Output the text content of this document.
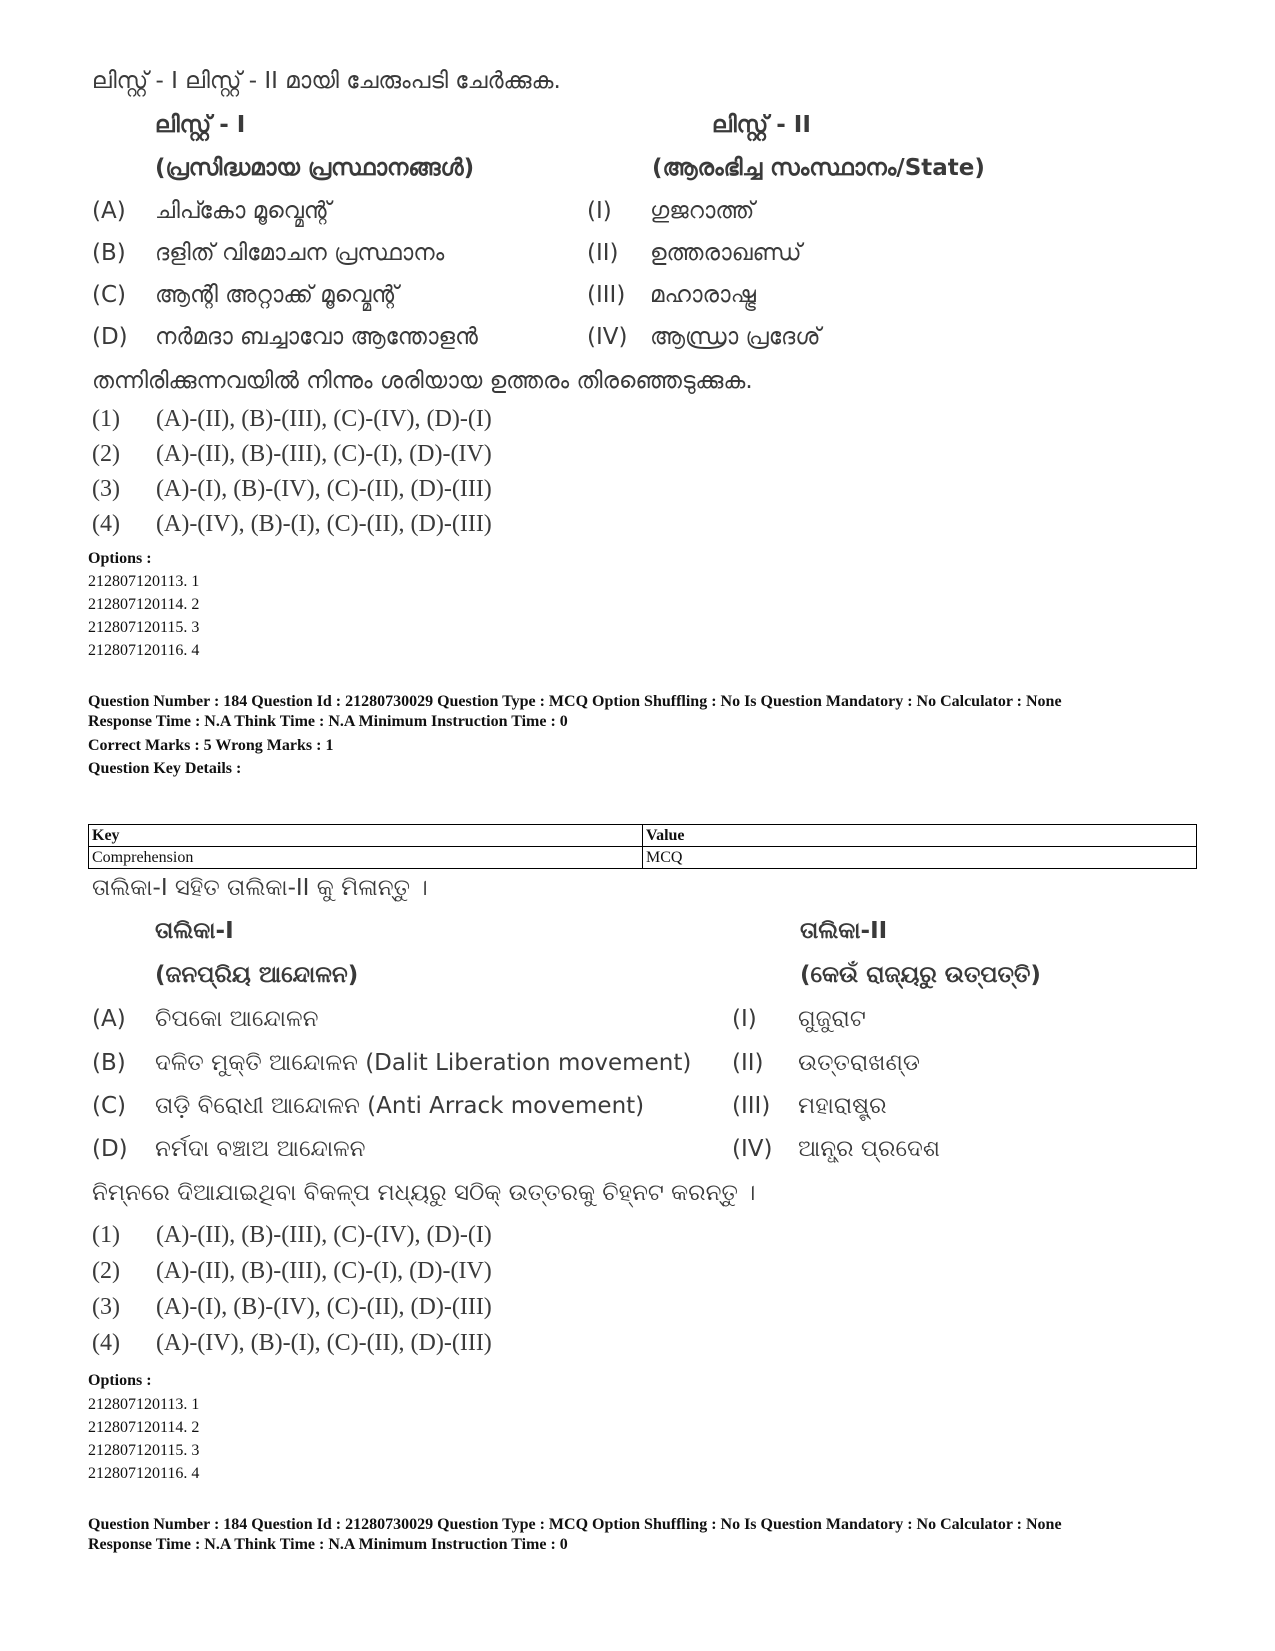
ലിസ്റ്റ് - I ലിസ്റ്റ് - II മായി ചേരുംപടി ചേർക്കുക.
ലിസ്റ്റ് - I	ലിസ്റ്റ് - II
(പ്രസിദ്ധമായ പ്രസ്ഥാനങ്ങൾ)	(ആരംഭിച്ച സംസ്ഥാനം/State)
(A) ചിപ്കോ മൂവ്മെന്റ്	(I) ഗുജറാത്ത്
(B) ദളിത് വിമോചന പ്രസ്ഥാനം	(II) ഉത്തരാഖണ്ഡ്
(C) ആന്റി അറ്റാക്ക് മൂവ്മെന്റ്	(III) മഹാരാഷ്ട്ര
(D) നർമദാ ബച്ചാവോ ആന്തോളൻ	(IV) ആന്ധ്രാ പ്രദേശ്
തന്നിരിക്കുന്നവയിൽ നിന്നും ശരിയായ ഉത്തരം തിരഞ്ഞെടുക്കുക.
(1) (A)-(II), (B)-(III), (C)-(IV), (D)-(I)
(2) (A)-(II), (B)-(III), (C)-(I), (D)-(IV)
(3) (A)-(I), (B)-(IV), (C)-(II), (D)-(III)
(4) (A)-(IV), (B)-(I), (C)-(II), (D)-(III)
Options :
212807120113. 1
212807120114. 2
212807120115. 3
212807120116. 4
Question Number : 184 Question Id : 21280730029 Question Type : MCQ Option Shuffling : No Is Question Mandatory : No Calculator : None
Response Time : N.A Think Time : N.A Minimum Instruction Time : 0
Correct Marks : 5 Wrong Marks : 1
Question Key Details :
Key	Value
Comprehension	MCQ
ତାଲିକା-I ସହିତ ତାଲିକା-II କୁ ମିଳାନ୍ତୁ ।
ତାଲିକା-I	ତାଲିକା-II
(ଜନପ୍ରିୟ ଆନ୍ଦୋଳନ)	(କେଉଁ ରାଜ୍ୟରୁ ଉତ୍ପତ୍ତି)
(A) ଚିପକୋ ଆନ୍ଦୋଳନ	(I) ଗୁଜୁରାଟ
(B) ଦଳିତ ମୁକ୍ତି ଆନ୍ଦୋଳନ (Dalit Liberation movement) (II) ଉତ୍ତରାଖଣ୍ଡ
(C) ତାଡ଼ି ବିରୋଧୀ ଆନ୍ଦୋଳନ (Anti Arrack movement)	(III) ମହାରାଷ୍ଟ୍ର
(D) ନର୍ମଦା ବଞ୍ଚାଅ ଆନ୍ଦୋଳନ	(IV) ଆନ୍ଧ୍ର ପ୍ରଦେଶ
ନିମ୍ନରେ ଦିଆଯାଇଥିବା ବିକଳ୍ପ ମଧ୍ୟରୁ ସଠିକ୍ ଉତ୍ତରକୁ ଚିହ୍ନଟ କରନ୍ତୁ ।
(1) (A)-(II), (B)-(III), (C)-(IV), (D)-(I)
(2) (A)-(II), (B)-(III), (C)-(I), (D)-(IV)
(3) (A)-(I), (B)-(IV), (C)-(II), (D)-(III)
(4) (A)-(IV), (B)-(I), (C)-(II), (D)-(III)
Options :
212807120113. 1
212807120114. 2
212807120115. 3
212807120116. 4
Question Number : 184 Question Id : 21280730029 Question Type : MCQ Option Shuffling : No Is Question Mandatory : No Calculator : None
Response Time : N.A Think Time : N.A Minimum Instruction Time : 0
